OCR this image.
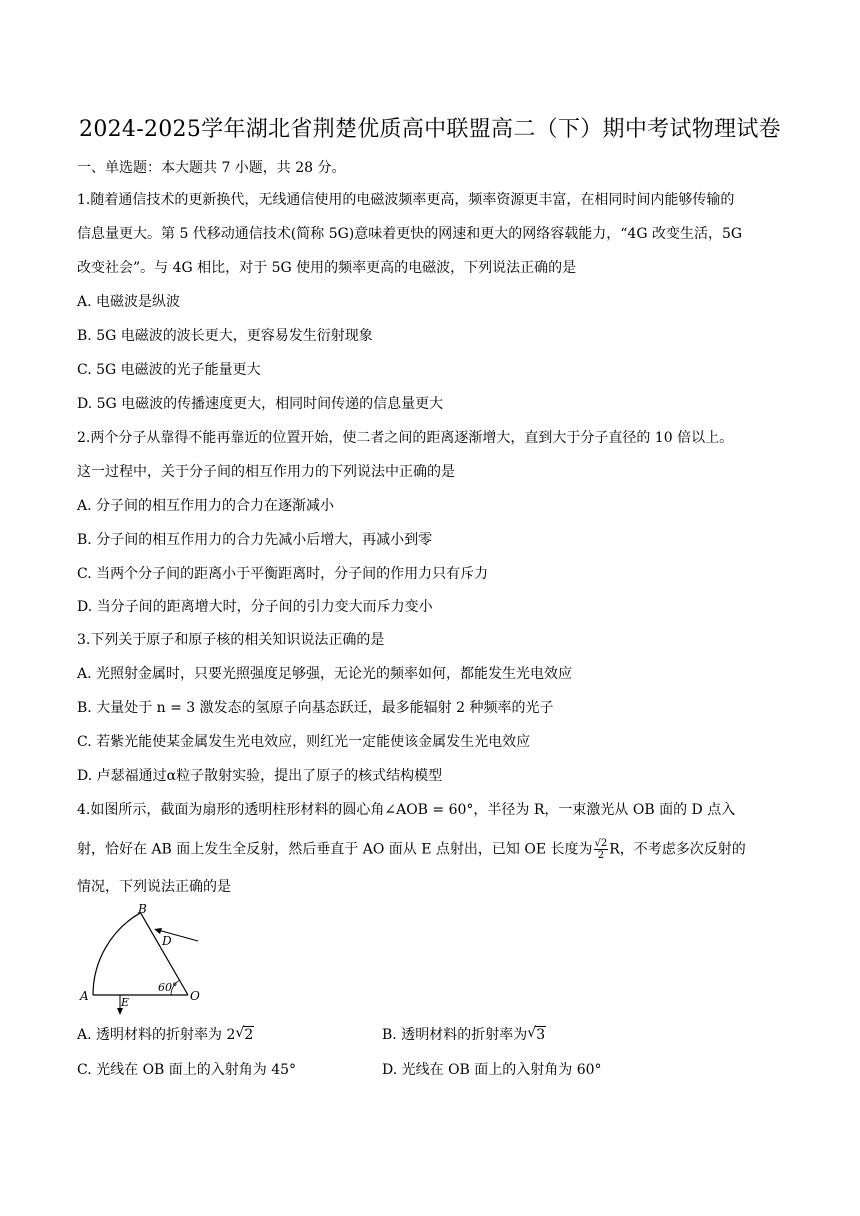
2024-2025学年湖北省荆楚优质高中联盟高二（下）期中考试物理试卷
一、单选题：本大题共 7 小题，共 28 分。
1.随着通信技术的更新换代，无线通信使用的电磁波频率更高，频率资源更丰富，在相同时间内能够传输的
信息量更大。第 5 代移动通信技术(简称 5G)意味着更快的网速和更大的网络容载能力，“4G 改变生活，5G
改变社会”。与 4G 相比，对于 5G 使用的频率更高的电磁波，下列说法正确的是
A. 电磁波是纵波
B. 5G 电磁波的波长更大，更容易发生衍射现象
C. 5G 电磁波的光子能量更大
D. 5G 电磁波的传播速度更大，相同时间传递的信息量更大
2.两个分子从靠得不能再靠近的位置开始，使二者之间的距离逐渐增大，直到大于分子直径的 10 倍以上。
这一过程中，关于分子间的相互作用力的下列说法中正确的是
A. 分子间的相互作用力的合力在逐渐减小
B. 分子间的相互作用力的合力先减小后增大，再减小到零
C. 当两个分子间的距离小于平衡距离时，分子间的作用力只有斥力
D. 当分子间的距离增大时，分子间的引力变大而斥力变小
3.下列关于原子和原子核的相关知识说法正确的是
A. 光照射金属时，只要光照强度足够强，无论光的频率如何，都能发生光电效应
B. 大量处于 n = 3 激发态的氢原子向基态跃迁，最多能辐射 2 种频率的光子
C. 若紫光能使某金属发生光电效应，则红光一定能使该金属发生光电效应
D. 卢瑟福通过α粒子散射实验，提出了原子的核式结构模型
4.如图所示，截面为扇形的透明柱形材料的圆心角∠AOB = 60°，半径为 R，一束激光从 OB 面的 D 点入
射，恰好在 AB 面上发生全反射，然后垂直于 AO 面从 E 点射出，已知 OE 长度为 $\frac{√2}{2}$ R，不考虑多次反射的
情况，下列说法正确的是
B
D
A	E	O
60°
A. 透明材料的折射率为 2 √ 2	B. 透明材料的折射率为 √ 3
C. 光线在 OB 面上的入射角为 45°	D. 光线在 OB 面上的入射角为 60°
